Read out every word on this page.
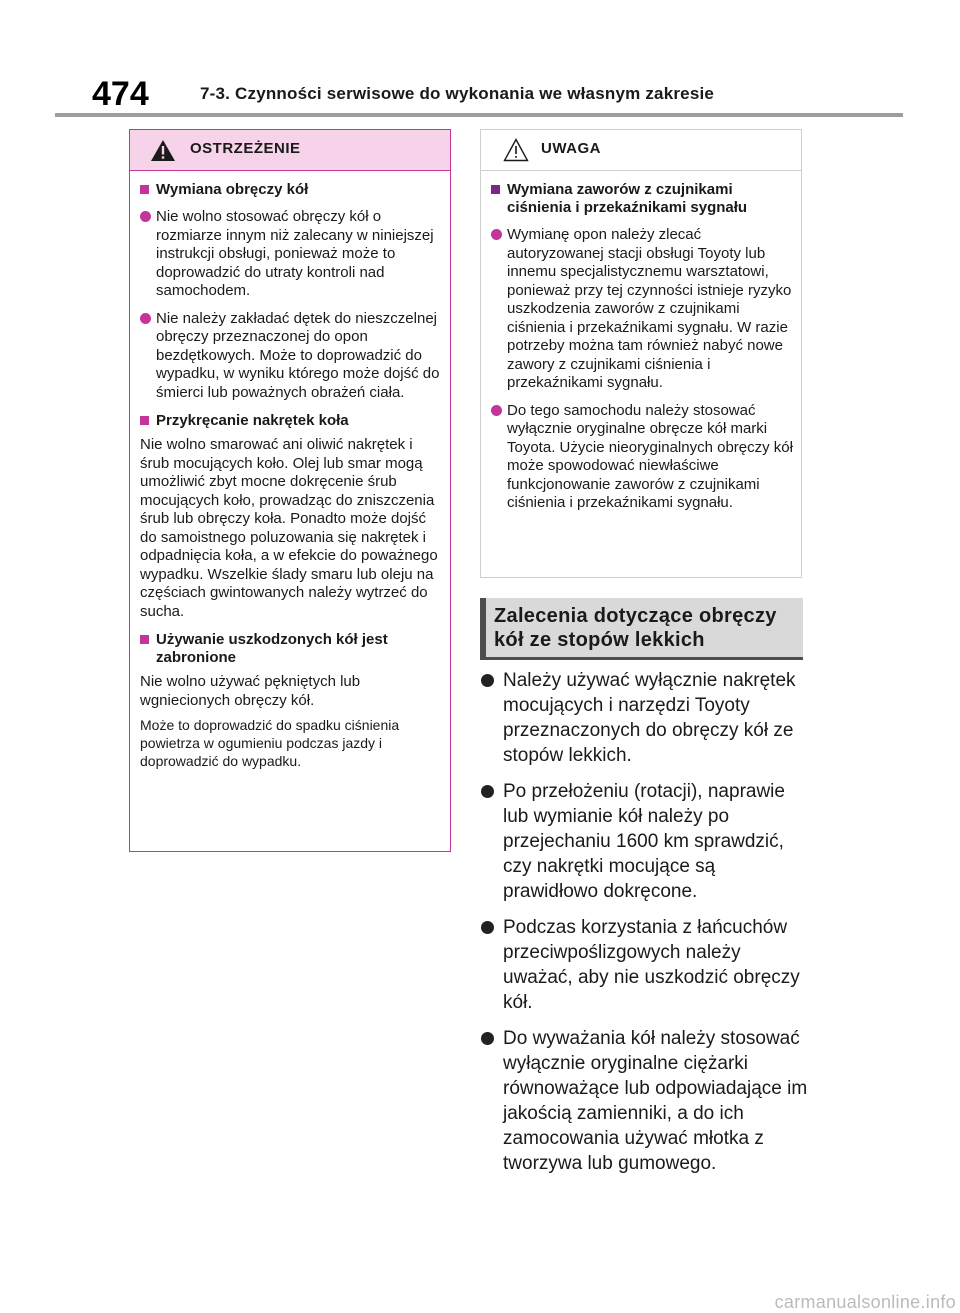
474	7-3. Czynności serwisowe do wykonania we własnym zakresie
OSTRZEŻENIE
Wymiana obręczy kół
Nie wolno stosować obręczy kół o rozmiarze innym niż zalecany w niniejszej instrukcji obsługi, ponieważ może to doprowadzić do utraty kontroli nad samochodem.
Nie należy zakładać dętek do nieszczelnej obręczy przeznaczonej do opon bezdętkowych. Może to doprowadzić do wypadku, w wyniku którego może dojść do śmierci lub poważnych obrażeń ciała.
Przykręcanie nakrętek koła
Nie wolno smarować ani oliwić nakrętek i śrub mocujących koło. Olej lub smar mogą umożliwić zbyt mocne dokręcenie śrub mocujących koło, prowadząc do zniszczenia śrub lub obręczy koła. Ponadto może dojść do samoistnego poluzowania się nakrętek i odpadnięcia koła, a w efekcie do poważnego wypadku. Wszelkie ślady smaru lub oleju na częściach gwintowanych należy wytrzeć do sucha.
Używanie uszkodzonych kół jest zabronione
Nie wolno używać pękniętych lub wgniecionych obręczy kół.
Może to doprowadzić do spadku ciśnienia powietrza w ogumieniu podczas jazdy i doprowadzić do wypadku.
UWAGA
Wymiana zaworów z czujnikami ciśnienia i przekaźnikami sygnału
Wymianę opon należy zlecać autoryzowanej stacji obsługi Toyoty lub innemu specjalistycznemu warsztatowi, ponieważ przy tej czynności istnieje ryzyko uszkodzenia zaworów z czujnikami ciśnienia i przekaźnikami sygnału. W razie potrzeby można tam również nabyć nowe zawory z czujnikami ciśnienia i przekaźnikami sygnału.
Do tego samochodu należy stosować wyłącznie oryginalne obręcze kół marki Toyota. Użycie nieoryginalnych obręczy kół może spowodować niewłaściwe funkcjonowanie zaworów z czujnikami ciśnienia i przekaźnikami sygnału.
Zalecenia dotyczące obręczy kół ze stopów lekkich
Należy używać wyłącznie nakrętek mocujących i narzędzi Toyoty przeznaczonych do obręczy kół ze stopów lekkich.
Po przełożeniu (rotacji), naprawie lub wymianie kół należy po przejechaniu 1600 km sprawdzić, czy nakrętki mocujące są prawidłowo dokręcone.
Podczas korzystania z łańcuchów przeciwpoślizgowych należy uważać, aby nie uszkodzić obręczy kół.
Do wyważania kół należy stosować wyłącznie oryginalne ciężarki równoważące lub odpowiadające im jakością zamienniki, a do ich zamocowania używać młotka z tworzywa lub gumowego.
carmanualsonline.info
